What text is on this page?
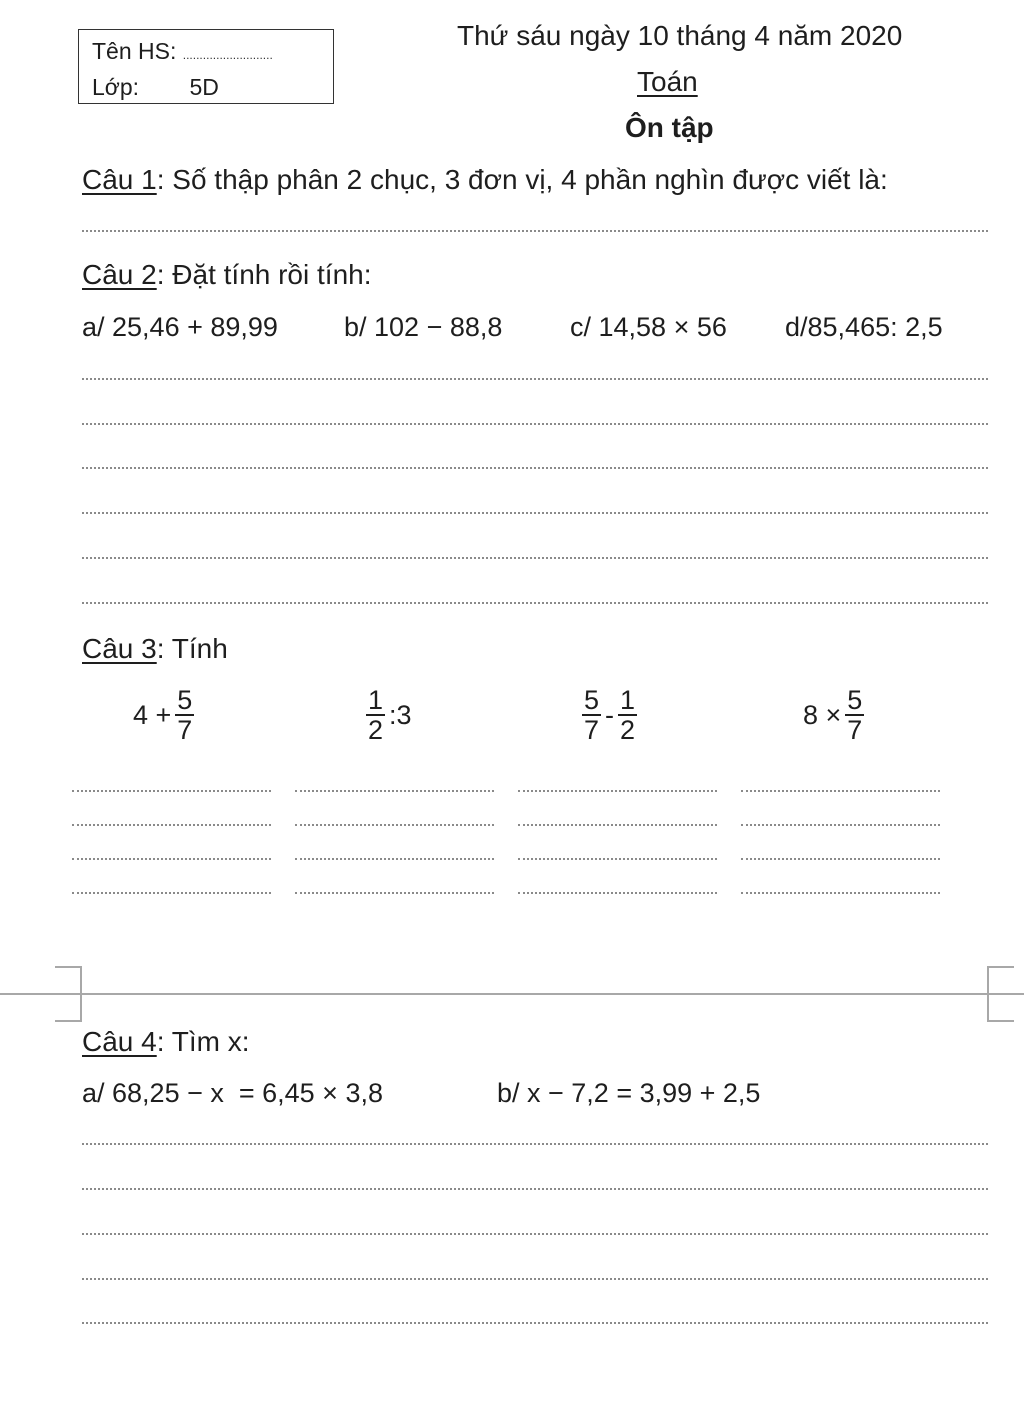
Tên HS: ...........................
Lớp: 5D
Thứ sáu ngày 10 tháng 4 năm 2020
Toán
Ôn tập
Câu 1: Số thập phân 2 chục, 3 đơn vị, 4 phần nghìn được viết là:
Câu 2: Đặt tính rồi tính:
a/ 25,46 + 89,99 b/ 102 − 88,8	c/ 14,58 × 56 d/85,465: 2,5
Câu 3: Tính
$4 + \frac{5}{7}$	$\frac{1}{2}$ :3	$\frac{5}{7} - \frac{1}{2}$	$8 \times \frac{5}{7}$
Câu 4: Tìm x:
a/ 68,25 − x  = 6,45 × 3,8	b/ x − 7,2 = 3,99 + 2,5
